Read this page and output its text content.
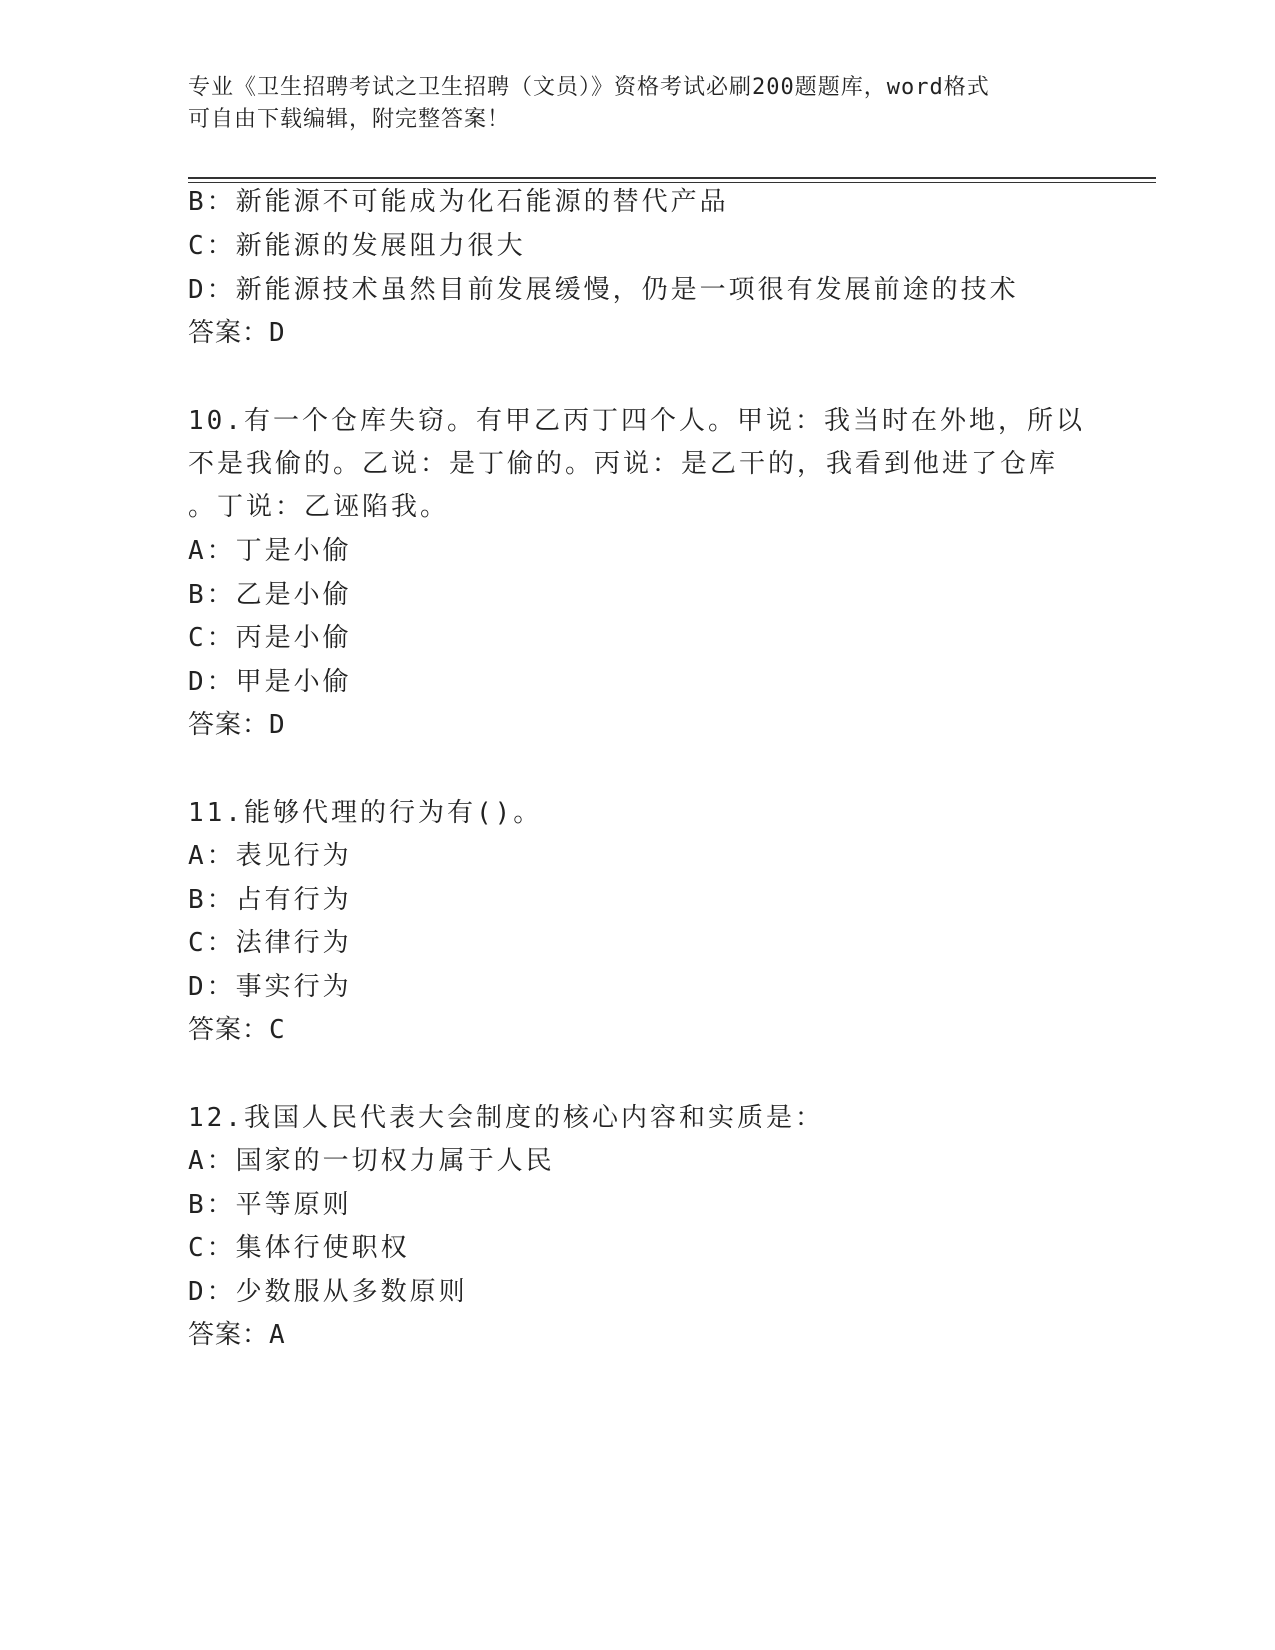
专业《卫生招聘考试之卫生招聘（文员）》资格考试必刷200题题库，word格式
可自由下载编辑，附完整答案！
B：新能源不可能成为化石能源的替代产品
C：新能源的发展阻力很大
D：新能源技术虽然目前发展缓慢，仍是一项很有发展前途的技术
答案：D
10.有一个仓库失窃。有甲乙丙丁四个人。甲说：我当时在外地，所以
不是我偷的。乙说：是丁偷的。丙说：是乙干的，我看到他进了仓库
。丁说：乙诬陷我。
A：丁是小偷
B：乙是小偷
C：丙是小偷
D：甲是小偷
答案：D
11.能够代理的行为有()。
A：表见行为
B：占有行为
C：法律行为
D：事实行为
答案：C
12.我国人民代表大会制度的核心内容和实质是：
A：国家的一切权力属于人民
B：平等原则
C：集体行使职权
D：少数服从多数原则
答案：A
